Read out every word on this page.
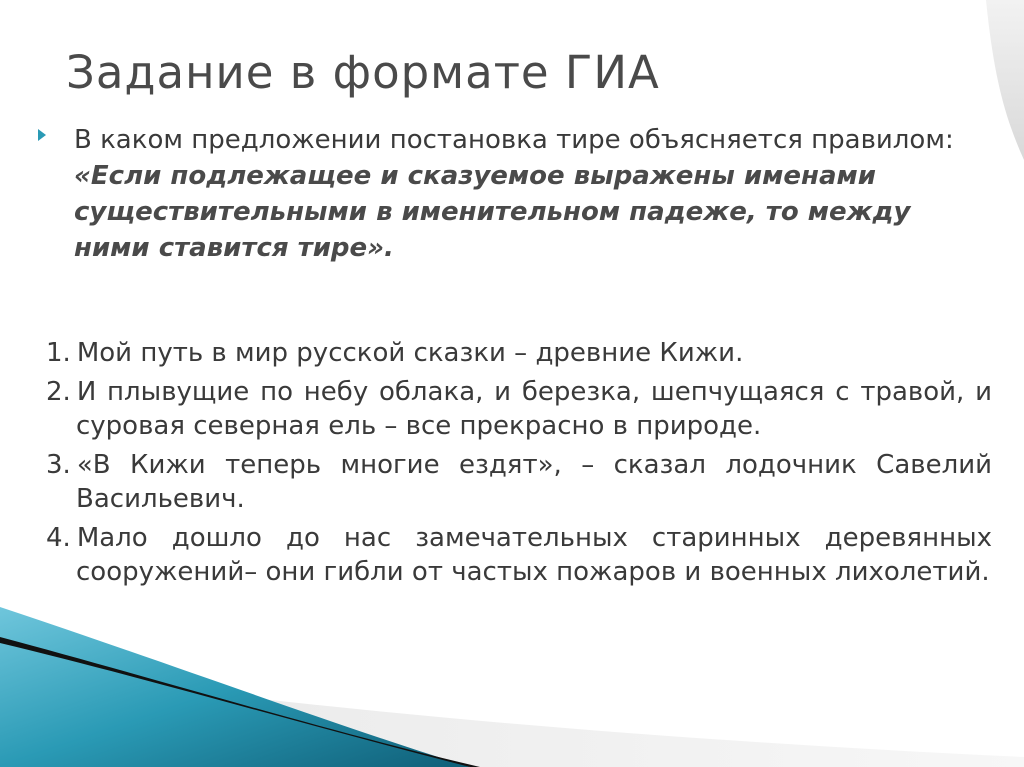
Задание в формате ГИА

В каком предложении постановка тире объясняется правилом: «Если подлежащее и сказуемое выражены именами существительными в именительном падеже, то между ними ставится тире».

1. Мой путь в мир русской сказки – древние Кижи.

2. И плывущие по небу облака, и березка, шепчущаяся с травой, и суровая северная ель – все прекрасно в природе.

3. «В Кижи теперь многие ездят», – сказал лодочник Савелий Васильевич.

4. Мало дошло до нас замечательных старинных деревянных сооружений– они гибли от частых пожаров и военных лихолетий.
